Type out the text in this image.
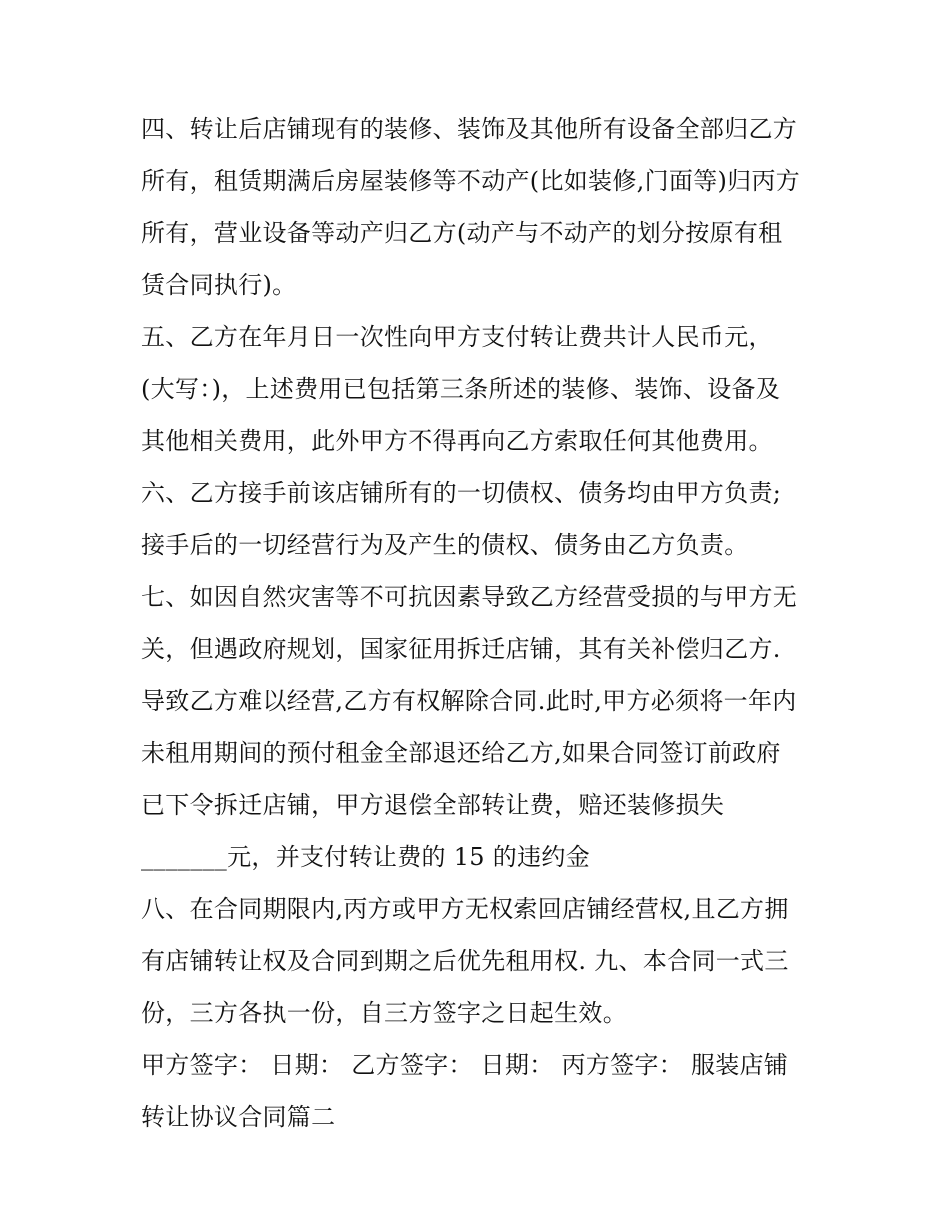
四、转让后店铺现有的装修、装饰及其他所有设备全部归乙方
所有，租赁期满后房屋装修等不动产(比如装修,门面等)归丙方
所有，营业设备等动产归乙方(动产与不动产的划分按原有租
赁合同执行)。
五、乙方在年月日一次性向甲方支付转让费共计人民币元，
(大写：)，上述费用已包括第三条所述的装修、装饰、设备及
其他相关费用，此外甲方不得再向乙方索取任何其他费用。
六、乙方接手前该店铺所有的一切债权、债务均由甲方负责;
接手后的一切经营行为及产生的债权、债务由乙方负责。
七、如因自然灾害等不可抗因素导致乙方经营受损的与甲方无
关，但遇政府规划，国家征用拆迁店铺，其有关补偿归乙方.
导致乙方难以经营,乙方有权解除合同.此时,甲方必须将一年内
未租用期间的预付租金全部退还给乙方,如果合同签订前政府
已下令拆迁店铺，甲方退偿全部转让费，赔还装修损失
_______元，并支付转让费的 15 的违约金
八、在合同期限内,丙方或甲方无权索回店铺经营权,且乙方拥
有店铺转让权及合同到期之后优先租用权. 九、本合同一式三
份，三方各执一份，自三方签字之日起生效。
甲方签字： 日期： 乙方签字： 日期： 丙方签字： 服装店铺
转让协议合同篇二
